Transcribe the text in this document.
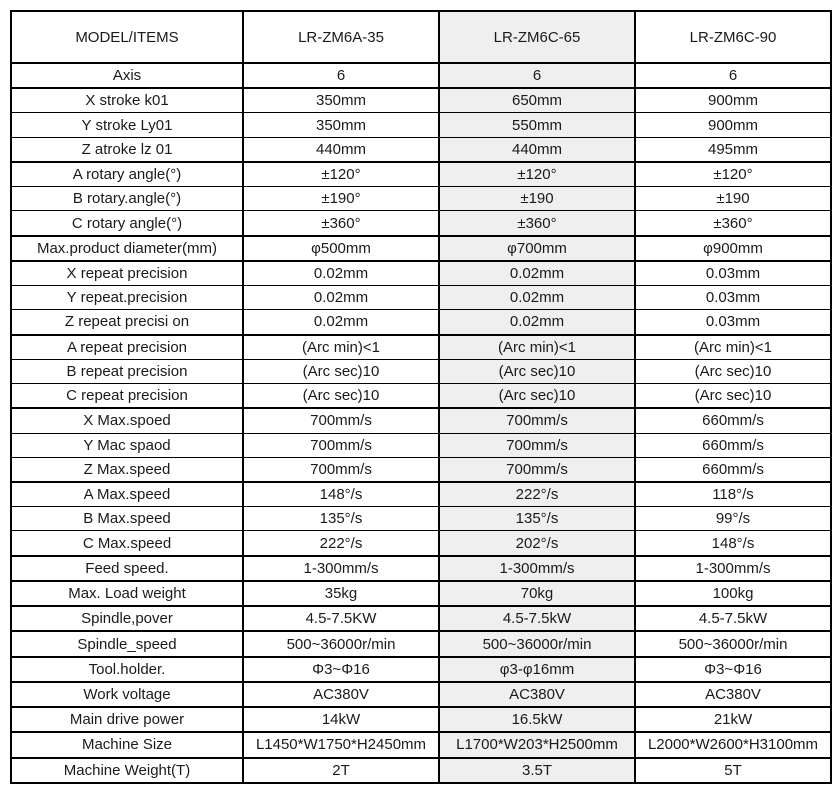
MODEL/ITEMS	LR-ZM6A-35	LR-ZM6C-65	LR-ZM6C-90
Axis	6	6	6
X stroke k01	350mm	650mm	900mm
Y stroke Ly01	350mm	550mm	900mm
Z atroke lz 01	440mm	440mm	495mm
A rotary angle(°)	±120°	±120°	±120°
B rotary.angle(°)	±190°	±190	±190
C rotary angle(°)	±360°	±360°	±360°
Max.product diameter(mm)	φ500mm	φ700mm	φ900mm
X repeat precision	0.02mm	0.02mm	0.03mm
Y repeat.precision	0.02mm	0.02mm	0.03mm
Z repeat precisi on	0.02mm	0.02mm	0.03mm
A repeat precision	(Arc min)<1	(Arc min)<1	(Arc min)<1
B repeat precision	(Arc sec)10	(Arc sec)10	(Arc sec)10
C repeat precision	(Arc sec)10	(Arc sec)10	(Arc sec)10
X Max.spoed	700mm/s	700mm/s	660mm/s
Y Mac spaod	700mm/s	700mm/s	660mm/s
Z Max.speed	700mm/s	700mm/s	660mm/s
A Max.speed	148°/s	222°/s	118°/s
B Max.speed	135°/s	135°/s	99°/s
C Max.speed	222°/s	202°/s	148°/s
Feed speed.	1-300mm/s	1-300mm/s	1-300mm/s
Max. Load weight	35kg	70kg	100kg
Spindle,pover	4.5-7.5KW	4.5-7.5kW	4.5-7.5kW
Spindle_speed	500~36000r/min	500~36000r/min	500~36000r/min
Tool.holder.	Φ3~Φ16	φ3-φ16mm	Φ3~Φ16
Work voltage	AC380V	AC380V	AC380V
Main drive power	14kW	16.5kW	21kW
Machine Size	L1450*W1750*H2450mm	L1700*W203*H2500mm	L2000*W2600*H3100mm
Machine Weight(T)	2T	3.5T	5T
